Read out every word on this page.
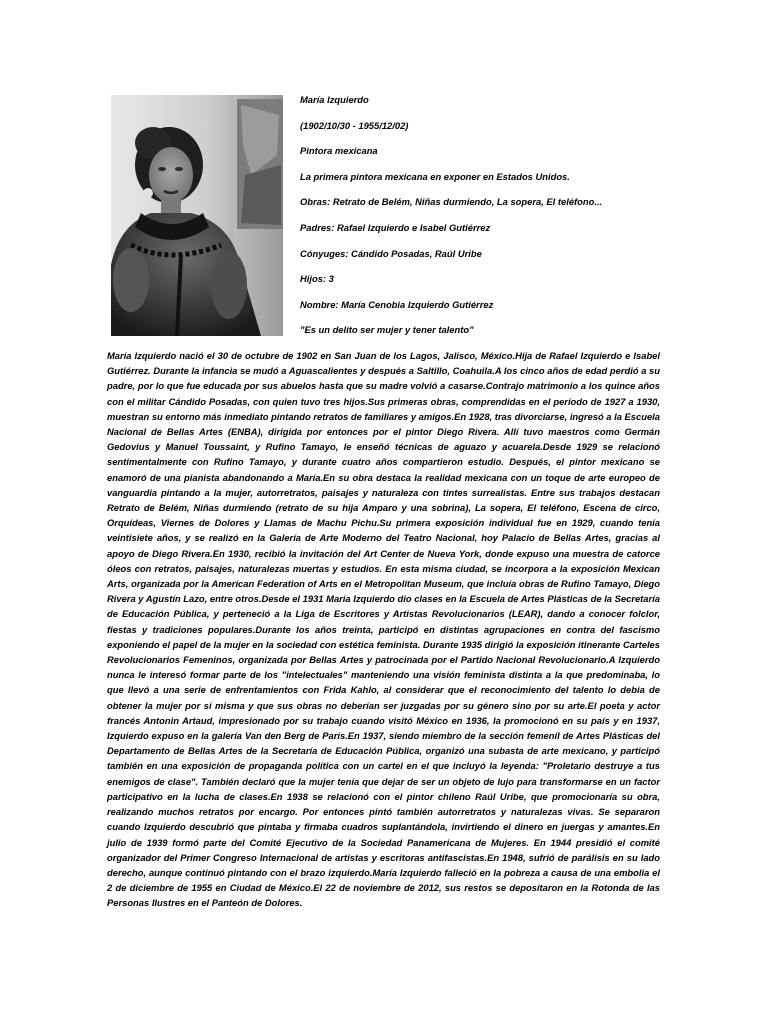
María Izquierdo
(1902/10/30 - 1955/12/02)
Pintora mexicana
La primera pintora mexicana en exponer en Estados Unidos.
Obras: Retrato de Belém, Niñas durmiendo, La sopera, El teléfono...
Padres: Rafael Izquierdo e Isabel Gutiérrez
Cónyuges: Cándido Posadas, Raúl Uribe
Hijos: 3
Nombre: María Cenobia Izquierdo Gutiérrez
"Es un delito ser mujer y tener talento"

María Izquierdo nació el 30 de octubre de 1902 en San Juan de los Lagos, Jalisco, México.Hija de Rafael Izquierdo e Isabel Gutiérrez. Durante la infancia se mudó a Aguascalientes y después a Saltillo, Coahuila.A los cinco años de edad perdió a su padre, por lo que fue educada por sus abuelos hasta que su madre volvió a casarse.Contrajo matrimonio a los quince años con el militar Cándido Posadas, con quien tuvo tres hijos.Sus primeras obras, comprendidas en el período de 1927 a 1930, muestran su entorno más inmediato pintando retratos de familiares y amigos.En 1928, tras divorciarse, ingresó a la Escuela Nacional de Bellas Artes (ENBA), dirigida por entonces por el pintor Diego Rivera. Allí tuvo maestros como Germán Gedovius y Manuel Toussaint, y Rufino Tamayo, le enseñó técnicas de aguazo y acuarela.Desde 1929 se relacionó sentimentalmente con Rufino Tamayo, y durante cuatro años compartieron estudio. Después, el pintor mexicano se enamoró de una pianista abandonando a María.En su obra destaca la realidad mexicana con un toque de arte europeo de vanguardia pintando a la mujer, autorretratos, paisajes y naturaleza con tintes surrealistas. Entre sus trabajos destacan Retrato de Belém, Niñas durmiendo (retrato de su hija Amparo y una sobrina), La sopera, El teléfono, Escena de circo, Orquídeas, Viernes de Dolores y Llamas de Machu Pichu.Su primera exposición individual fue en 1929, cuando tenía veintisiete años, y se realizó en la Galería de Arte Moderno del Teatro Nacional, hoy Palacio de Bellas Artes, gracias al apoyo de Diego Rivera.En 1930, recibió la invitación del Art Center de Nueva York, donde expuso una muestra de catorce óleos con retratos, paisajes, naturalezas muertas y estudios. En esta misma ciudad, se incorpora a la exposición Mexican Arts, organizada por la American Federation of Arts en el Metropolitan Museum, que incluía obras de Rufino Tamayo, Diego Rivera y Agustín Lazo, entre otros.Desde el 1931 María Izquierdo dio clases en la Escuela de Artes Plásticas de la Secretaría de Educación Pública, y perteneció a la Liga de Escritores y Artistas Revolucionarios (LEAR), dando a conocer folclor, fiestas y tradiciones populares.Durante los años treinta, participó en distintas agrupaciones en contra del fascismo exponiendo el papel de la mujer en la sociedad con estética feminista. Durante 1935 dirigió la exposición itinerante Carteles Revolucionarios Femeninos, organizada por Bellas Artes y patrocinada por el Partido Nacional Revolucionario.A Izquierdo nunca le interesó formar parte de los "intelectuales" manteniendo una visión feminista distinta a la que predominaba, lo que llevó a una serie de enfrentamientos con Frida Kahlo, al considerar que el reconocimiento del talento lo debía de obtener la mujer por sí misma y que sus obras no deberían ser juzgadas por su género sino por su arte.El poeta y actor francés Antonin Artaud, impresionado por su trabajo cuando visitó México en 1936, la promocionó en su país y en 1937, Izquierdo expuso en la galería Van den Berg de París.En 1937, siendo miembro de la sección femenil de Artes Plásticas del Departamento de Bellas Artes de la Secretaría de Educación Pública, organizó una subasta de arte mexicano, y participó también en una exposición de propaganda política con un cartel en el que incluyó la leyenda: "Proletario destruye a tus enemigos de clase". También declaró que la mujer tenía que dejar de ser un objeto de lujo para transformarse en un factor participativo en la lucha de clases.En 1938 se relacionó con el pintor chileno Raúl Uribe, que promocionaría su obra, realizando muchos retratos por encargo. Por entonces pintó también autorretratos y naturalezas vivas. Se separaron cuando Izquierdo descubrió que pintaba y firmaba cuadros suplantándola, invirtiendo el dinero en juergas y amantes.En julio de 1939 formó parte del Comité Ejecutivo de la Sociedad Panamericana de Mujeres. En 1944 presidió el comité organizador del Primer Congreso Internacional de artistas y escritoras antifascistas.En 1948, sufrió de parálisis en su lado derecho, aunque continuó pintando con el brazo izquierdo.María Izquierdo falleció en la pobreza a causa de una embolia el 2 de diciembre de 1955 en Ciudad de México.El 22 de noviembre de 2012, sus restos se depositaron en la Rotonda de las Personas Ilustres en el Panteón de Dolores.
